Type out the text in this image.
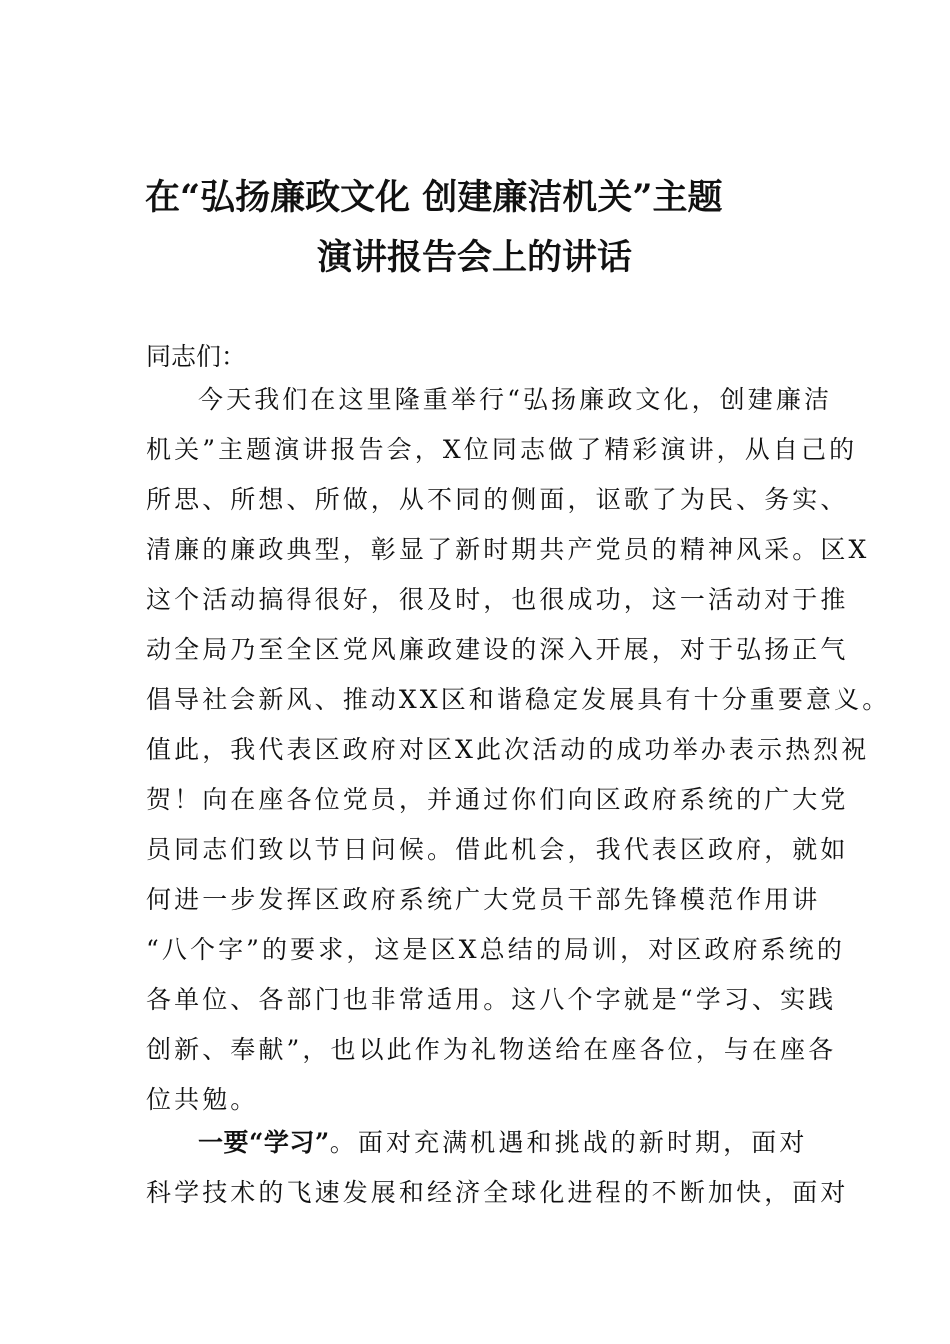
在“弘扬廉政文化 创建廉洁机关”主题
演讲报告会上的讲话

同志们：

今天我们在这里隆重举行“弘扬廉政文化，创建廉洁
机关”主题演讲报告会，X位同志做了精彩演讲，从自己的
所思、所想、所做，从不同的侧面，讴歌了为民、务实、
清廉的廉政典型，彰显了新时期共产党员的精神风采。区X
这个活动搞得很好，很及时，也很成功，这一活动对于推
动全局乃至全区党风廉政建设的深入开展，对于弘扬正气
倡导社会新风、推动XX区和谐稳定发展具有十分重要意义。
值此，我代表区政府对区X此次活动的成功举办表示热烈祝
贺！向在座各位党员，并通过你们向区政府系统的广大党
员同志们致以节日问候。借此机会，我代表区政府，就如
何进一步发挥区政府系统广大党员干部先锋模范作用讲
“八个字”的要求，这是区X总结的局训，对区政府系统的
各单位、各部门也非常适用。这八个字就是“学习、实践
创新、奉献”，也以此作为礼物送给在座各位，与在座各
位共勉。
一要“学习”。面对充满机遇和挑战的新时期，面对
科学技术的飞速发展和经济全球化进程的不断加快，面对
